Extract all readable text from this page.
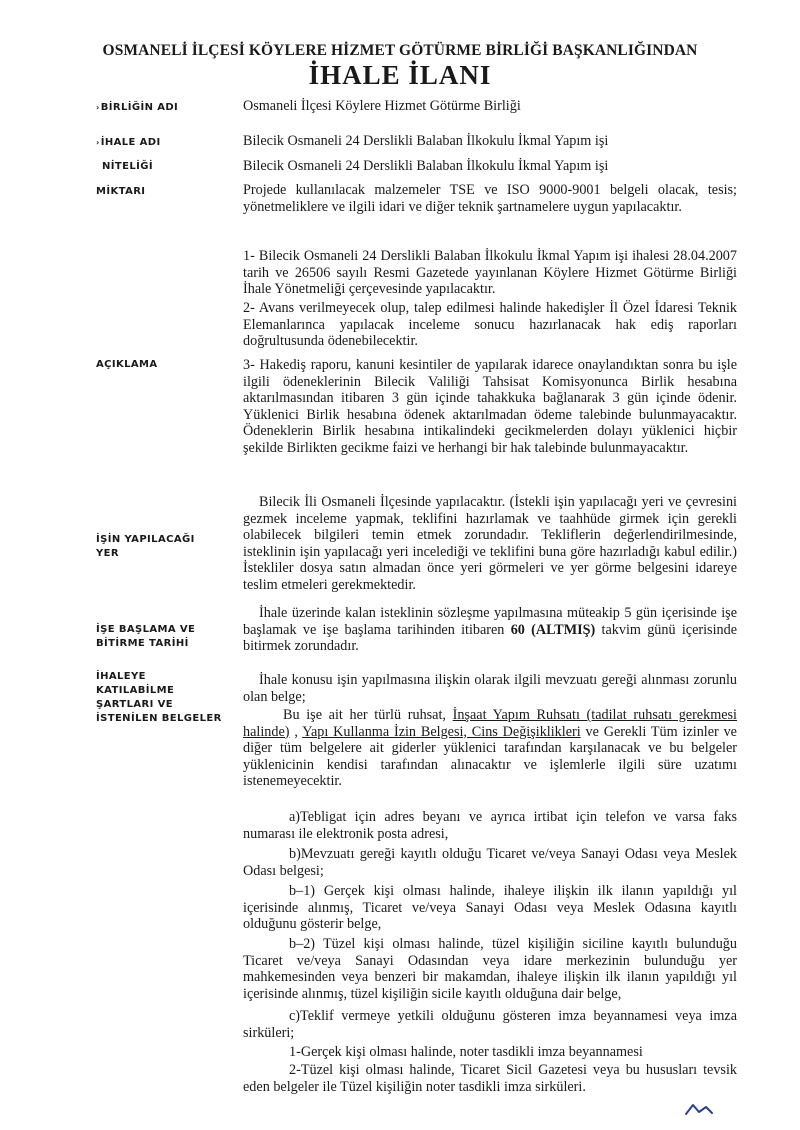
OSMANELİ İLÇESİ KÖYLERE HİZMET GÖTÜRME BİRLİĞİ BAŞKANLIĞINDAN
İHALE İLANI
›BİRLİĞİN ADI
›İHALE ADI
NİTELİĞİ
MİKTARI
AÇIKLAMA
İŞİN YAPILACAĞI
YER
İŞE BAŞLAMA VE
BİTİRME TARİHİ
İHALEYE
KATILABİLME
ŞARTLARI VE
İSTENİLEN BELGELER
Osmaneli İlçesi Köylere Hizmet Götürme Birliği
Bilecik Osmaneli 24 Derslikli Balaban İlkokulu İkmal Yapım işi
Bilecik Osmaneli 24 Derslikli Balaban İlkokulu İkmal Yapım işi
Projede kullanılacak malzemeler TSE ve ISO 9000-9001 belgeli olacak, tesis; yönetmeliklere ve ilgili idari ve diğer teknik şartnamelere uygun yapılacaktır.
1- Bilecik Osmaneli 24 Derslikli Balaban İlkokulu İkmal Yapım işi ihalesi 28.04.2007 tarih ve 26506 sayılı Resmi Gazetede yayınlanan Köylere Hizmet Götürme Birliği İhale Yönetmeliği çerçevesinde yapılacaktır.
2- Avans verilmeyecek olup, talep edilmesi halinde hakedişler İl Özel İdaresi Teknik Elemanlarınca yapılacak inceleme sonucu hazırlanacak hak ediş raporları doğrultusunda ödenebilecektir.
3- Hakediş raporu, kanuni kesintiler de yapılarak idarece onaylandıktan sonra bu işle ilgili ödeneklerinin Bilecik Valiliği Tahsisat Komisyonunca Birlik hesabına aktarılmasından itibaren 3 gün içinde tahakkuka bağlanarak 3 gün içinde ödenir. Yüklenici Birlik hesabına ödenek aktarılmadan ödeme talebinde bulunmayacaktır. Ödeneklerin Birlik hesabına intikalindeki gecikmelerden dolayı yüklenici hiçbir şekilde Birlikten gecikme faizi ve herhangi bir hak talebinde bulunmayacaktır.
Bilecik İli Osmaneli İlçesinde yapılacaktır. (İstekli işin yapılacağı yeri ve çevresini gezmek inceleme yapmak, teklifini hazırlamak ve taahhüde girmek için gerekli olabilecek bilgileri temin etmek zorundadır. Tekliflerin değerlendirilmesinde, isteklinin işin yapılacağı yeri incelediği ve teklifini buna göre hazırladığı kabul edilir.) İstekliler dosya satın almadan önce yeri görmeleri ve yer görme belgesini idareye teslim etmeleri gerekmektedir.
İhale üzerinde kalan isteklinin sözleşme yapılmasına müteakip 5 gün içerisinde işe başlamak ve işe başlama tarihinden itibaren 60 (ALTMIŞ) takvim günü içerisinde bitirmek zorundadır.
İhale konusu işin yapılmasına ilişkin olarak ilgili mevzuatı gereği alınması zorunlu olan belge;
Bu işe ait her türlü ruhsat, İnşaat Yapım Ruhsatı (tadilat ruhsatı gerekmesi halinde) , Yapı Kullanma İzin Belgesi, Cins Değişiklikleri ve Gerekli Tüm izinler ve diğer tüm belgelere ait giderler yüklenici tarafından karşılanacak ve bu belgeler yüklenicinin kendisi tarafından alınacaktır ve işlemlerle ilgili süre uzatımı istenemeyecektir.
a)Tebligat için adres beyanı ve ayrıca irtibat için telefon ve varsa faks numarası ile elektronik posta adresi,
b)Mevzuatı gereği kayıtlı olduğu Ticaret ve/veya Sanayi Odası veya Meslek Odası belgesi;
b–1) Gerçek kişi olması halinde, ihaleye ilişkin ilk ilanın yapıldığı yıl içerisinde alınmış, Ticaret ve/veya Sanayi Odası veya Meslek Odasına kayıtlı olduğunu gösterir belge,
b–2) Tüzel kişi olması halinde, tüzel kişiliğin siciline kayıtlı bulunduğu Ticaret ve/veya Sanayi Odasından veya idare merkezinin bulunduğu yer mahkemesinden veya benzeri bir makamdan, ihaleye ilişkin ilk ilanın yapıldığı yıl içerisinde alınmış, tüzel kişiliğin sicile kayıtlı olduğuna dair belge,
c)Teklif vermeye yetkili olduğunu gösteren imza beyannamesi veya imza sirküleri;
1-Gerçek kişi olması halinde, noter tasdikli imza beyannamesi
2-Tüzel kişi olması halinde, Ticaret Sicil Gazetesi veya bu hususları tevsik eden belgeler ile Tüzel kişiliğin noter tasdikli imza sirküleri.
